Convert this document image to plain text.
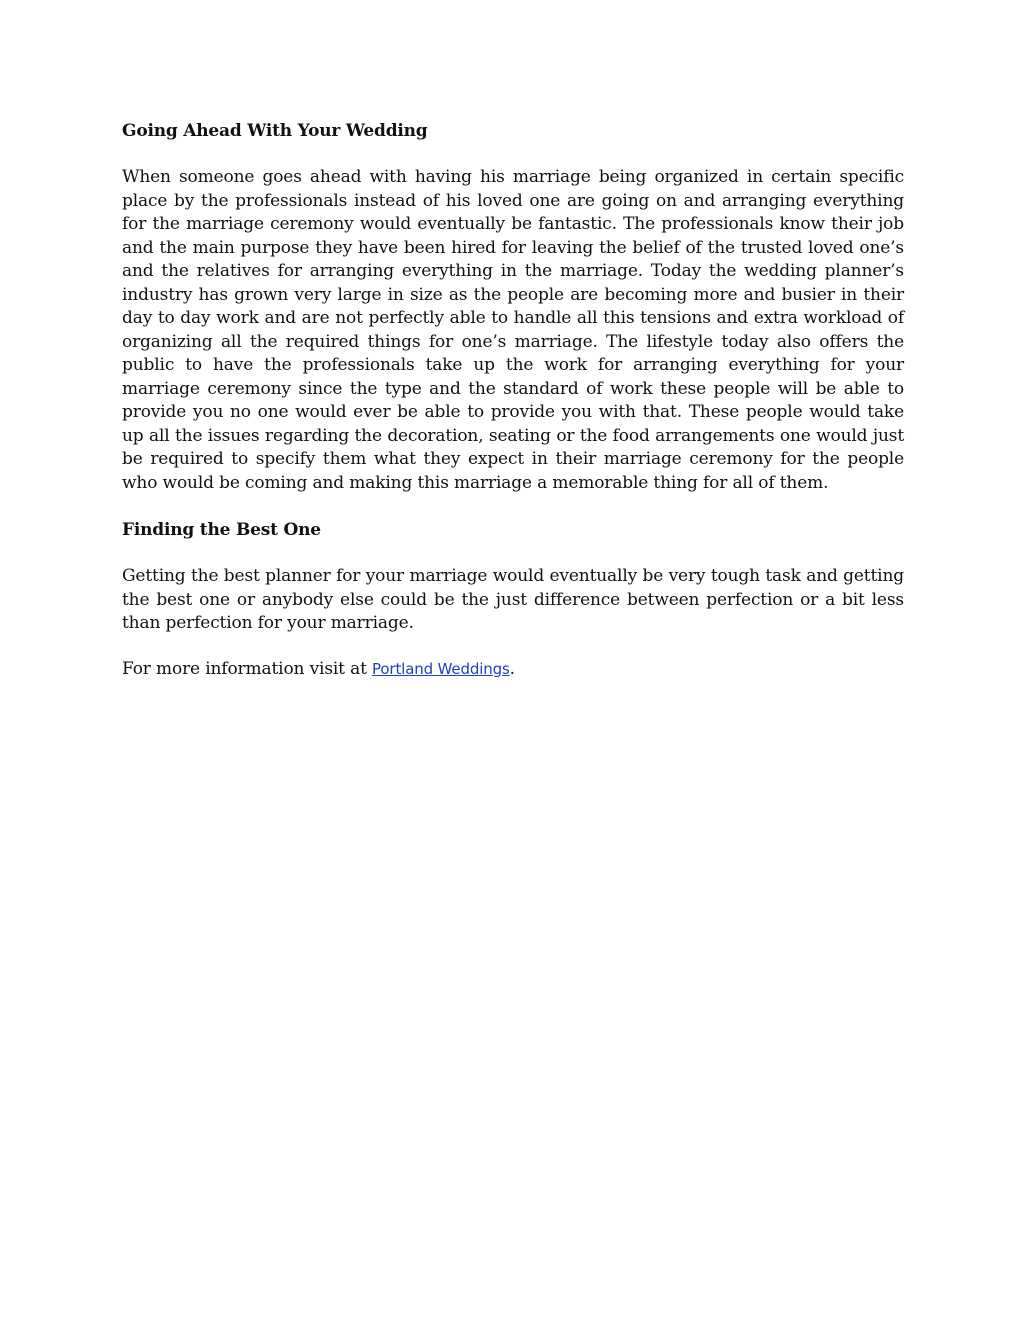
Going Ahead With Your Wedding

When someone goes ahead with having his marriage being organized in certain specific place by the professionals instead of his loved one are going on and arranging everything for the marriage ceremony would eventually be fantastic. The professionals know their job and the main purpose they have been hired for leaving the belief of the trusted loved one’s and the relatives for arranging everything in the marriage. Today the wedding planner’s industry has grown very large in size as the people are becoming more and busier in their day to day work and are not perfectly able to handle all this tensions and extra workload of organizing all the required things for one’s marriage. The lifestyle today also offers the public to have the professionals take up the work for arranging everything for your marriage ceremony since the type and the standard of work these people will be able to provide you no one would ever be able to provide you with that. These people would take up all the issues regarding the decoration, seating or the food arrangements one would just be required to specify them what they expect in their marriage ceremony for the people who would be coming and making this marriage a memorable thing for all of them.

Finding the Best One

Getting the best planner for your marriage would eventually be very tough task and getting the best one or anybody else could be the just difference between perfection or a bit less than perfection for your marriage.

For more information visit at Portland Weddings.
